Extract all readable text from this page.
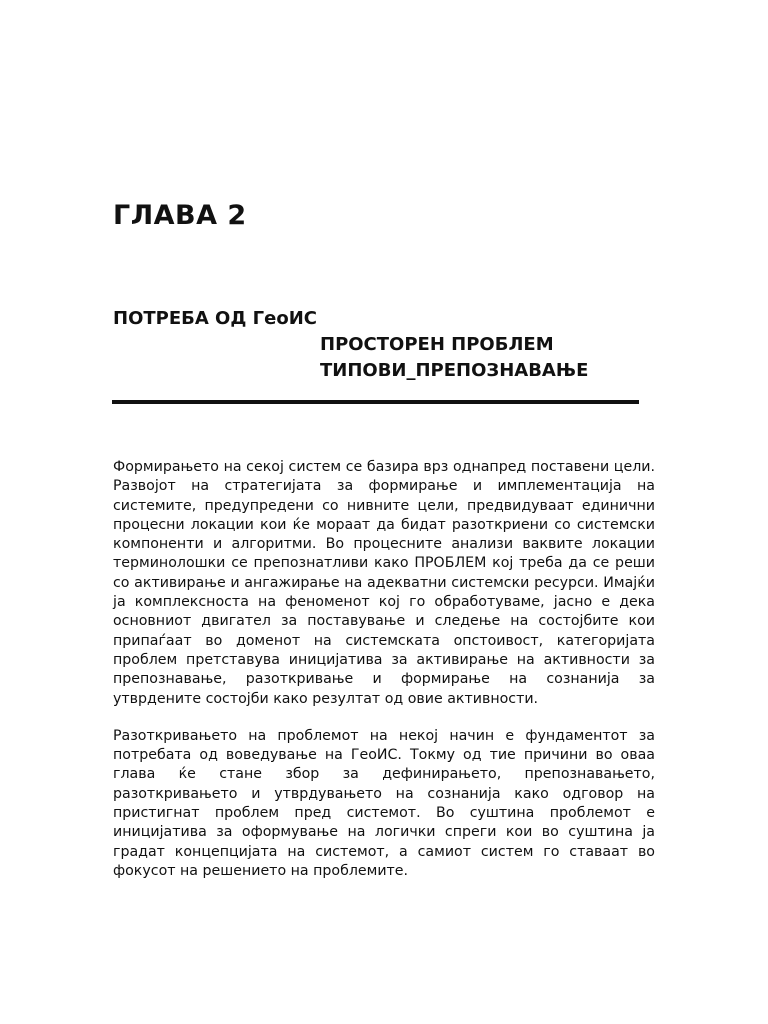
ГЛАВА 2
ПОТРЕБА ОД ГеоИС
ПРОСТОРЕН ПРОБЛЕМ
ТИПОВИ_ПРЕПОЗНАВАЊЕ

Формирањето на секој систем се базира врз однапред поставени цели. Развојот на стратегијата за формирање и имплементација на системите, предупредени со нивните цели, предвидуваат единични процесни локации кои ќе мораат да бидат разоткриени со системски компоненти и алгоритми. Во процесните анализи ваквите локации терминолошки се препознатливи како ПРОБЛЕМ кој треба да се реши со активирање и ангажирање на адекватни системски ресурси. Имајќи ја комплексноста на феноменот кој го обработуваме, јасно е дека основниот двигател за поставување и следење на состојбите кои припаѓаат во доменот на системската опстоивост, категоријата проблем претставува иницијатива за активирање на активности за препознавање, разоткривање и формирање на сознанија за утврдените состојби како резултат од овие активности.

Разоткривањето на проблемот на некој начин е фундаментот за потребата од воведување на ГеоИС. Токму од тие причини во оваа глава ќе стане збор за дефинирањето, препознавањето, разоткривањето и утврдувањето на сознанија како одговор на пристигнат проблем пред системот. Во суштина проблемот е иницијатива за оформување на логички спреги кои во суштина ја градат концепцијата на системот, а самиот систем го ставаат во фокусот на решението на проблемите.
